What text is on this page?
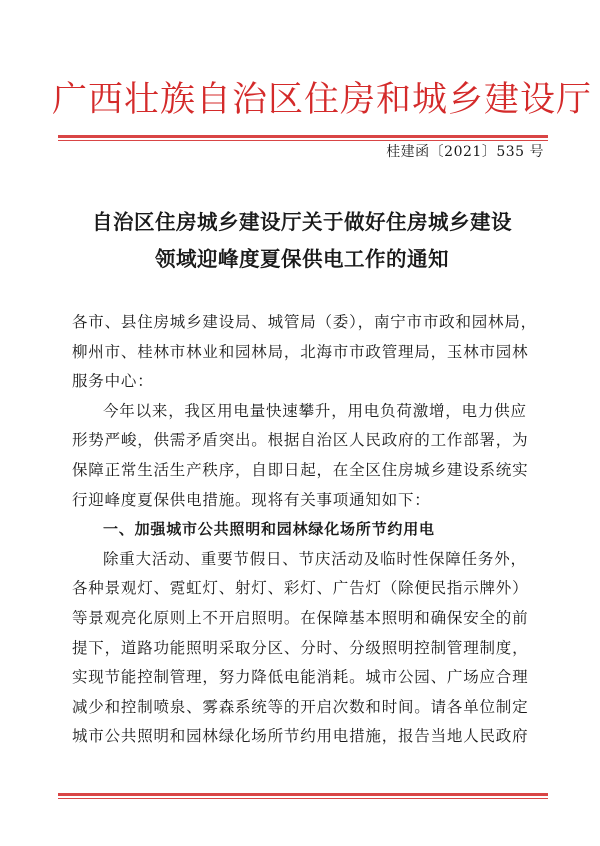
广西壮族自治区住房和城乡建设厅
桂建函〔2021〕535 号
自治区住房城乡建设厅关于做好住房城乡建设
领域迎峰度夏保供电工作的通知
各市、县住房城乡建设局、城管局（委），南宁市市政和园林局，
柳州市、桂林市林业和园林局，北海市市政管理局，玉林市园林
服务中心：
今年以来，我区用电量快速攀升，用电负荷激增，电力供应
形势严峻，供需矛盾突出。根据自治区人民政府的工作部署，为
保障正常生活生产秩序，自即日起，在全区住房城乡建设系统实
行迎峰度夏保供电措施。现将有关事项通知如下：
一、加强城市公共照明和园林绿化场所节约用电
除重大活动、重要节假日、节庆活动及临时性保障任务外，
各种景观灯、霓虹灯、射灯、彩灯、广告灯（除便民指示牌外）
等景观亮化原则上不开启照明。在保障基本照明和确保安全的前
提下，道路功能照明采取分区、分时、分级照明控制管理制度，
实现节能控制管理，努力降低电能消耗。城市公园、广场应合理
减少和控制喷泉、雾森系统等的开启次数和时间。请各单位制定
城市公共照明和园林绿化场所节约用电措施，报告当地人民政府
